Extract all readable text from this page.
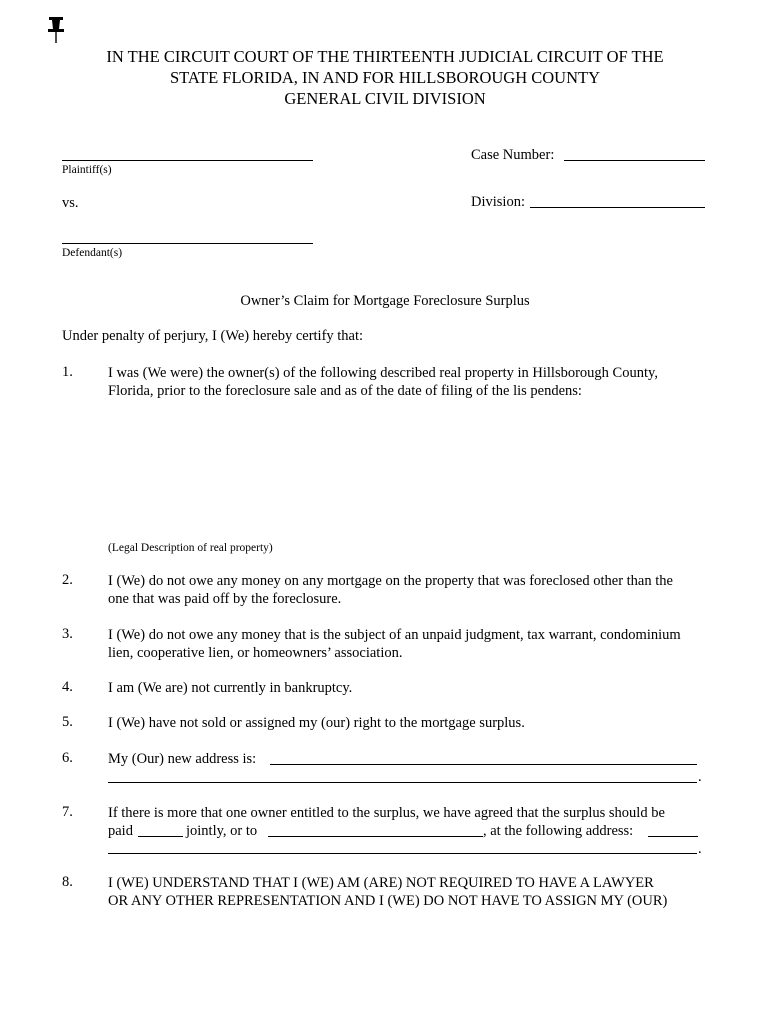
IN THE CIRCUIT COURT OF THE THIRTEENTH JUDICIAL CIRCUIT OF THE
STATE FLORIDA, IN AND FOR HILLSBOROUGH COUNTY
GENERAL CIVIL DIVISION
Plaintiff(s)
Case Number:
vs.	Division:
Defendant(s)
Owner’s Claim for Mortgage Foreclosure Surplus
Under penalty of perjury, I (We) hereby certify that:
1.	I was (We were) the owner(s) of the following described real property in Hillsborough County,
Florida, prior to the foreclosure sale and as of the date of filing of the lis pendens:
(Legal Description of real property)
2.	I (We) do not owe any money on any mortgage on the property that was foreclosed other than the
one that was paid off by the foreclosure.
3.	I (We) do not owe any money that is the subject of an unpaid judgment, tax warrant, condominium
lien, cooperative lien, or homeowners’ association.
4.	I am (We are) not currently in bankruptcy.
5.	I (We) have not sold or assigned my (our) right to the mortgage surplus.
6.	My (Our) new address is:
.
7.	If there is more that one owner entitled to the surplus, we have agreed that the surplus should be
paid	jointly, or to	, at the following address:
.
8.	I (WE) UNDERSTAND THAT I (WE) AM (ARE) NOT REQUIRED TO HAVE A LAWYER
OR ANY OTHER REPRESENTATION AND I (WE) DO NOT HAVE TO ASSIGN MY (OUR)
